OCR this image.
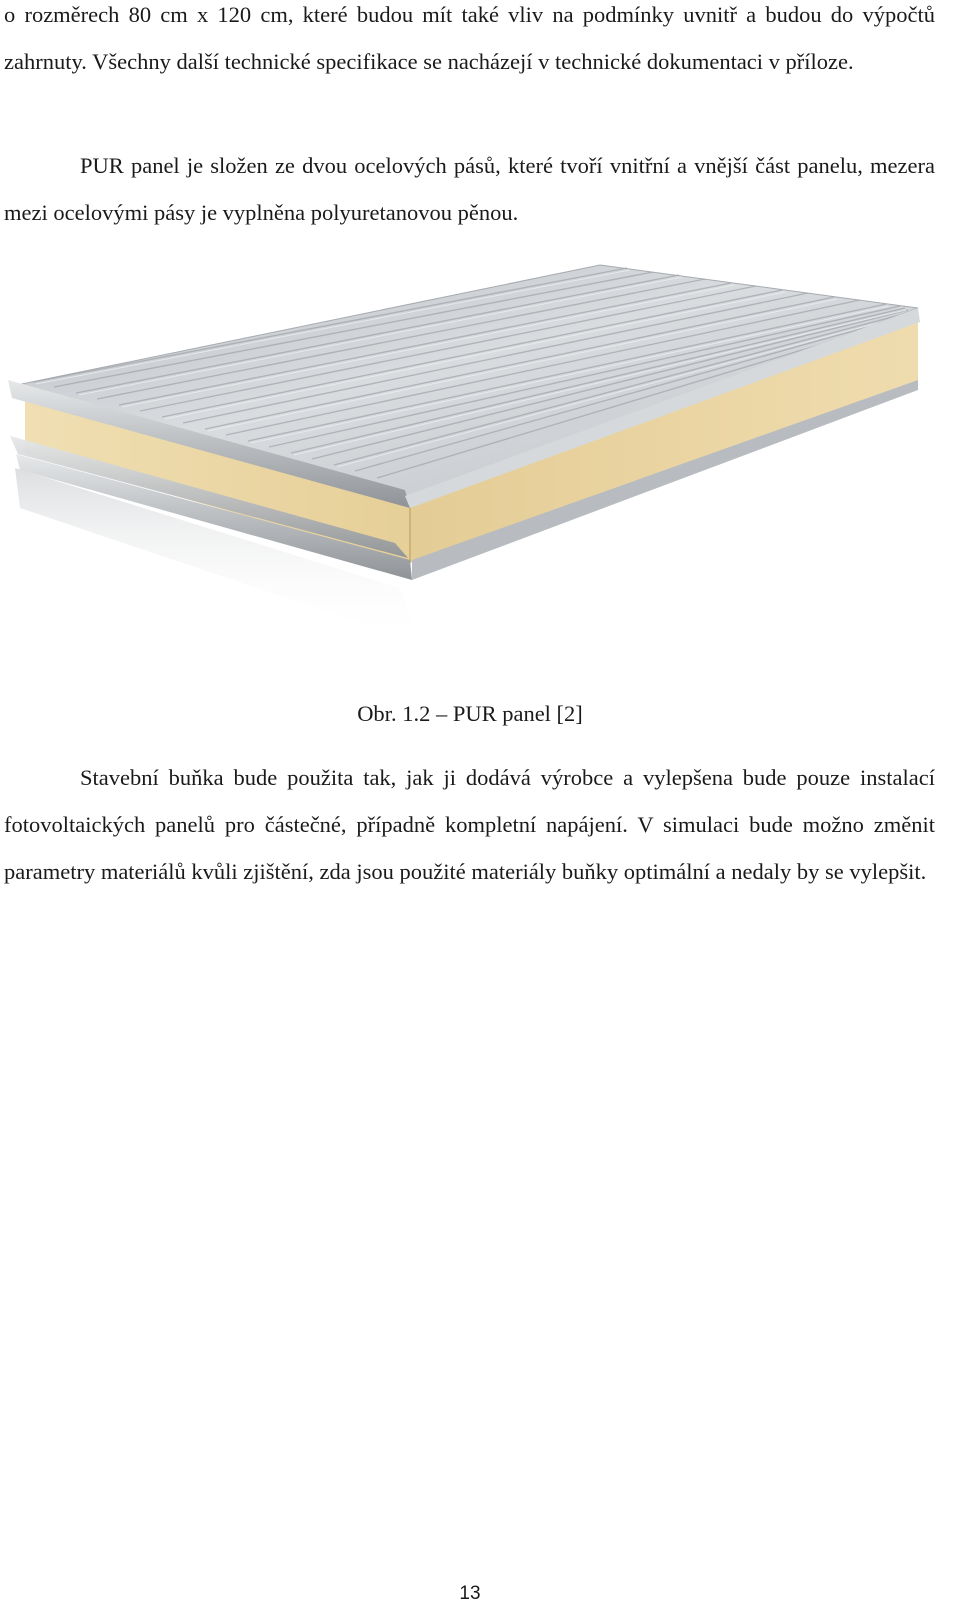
o rozměrech 80 cm x 120 cm, které budou mít také vliv na podmínky uvnitř a budou do výpočtů zahrnuty. Všechny další technické specifikace se nacházejí v technické dokumentaci v příloze.

PUR panel je složen ze dvou ocelových pásů, které tvoří vnitřní a vnější část panelu, mezera mezi ocelovými pásy je vyplněna polyuretanovou pěnou.

Obr. 1.2 – PUR panel [2]

Stavební buňka bude použita tak, jak ji dodává výrobce a vylepšena bude pouze instalací fotovoltaických panelů pro částečné, případně kompletní napájení. V simulaci bude možno změnit parametry materiálů kvůli zjištění, zda jsou použité materiály buňky optimální a nedaly by se vylepšit.

13
